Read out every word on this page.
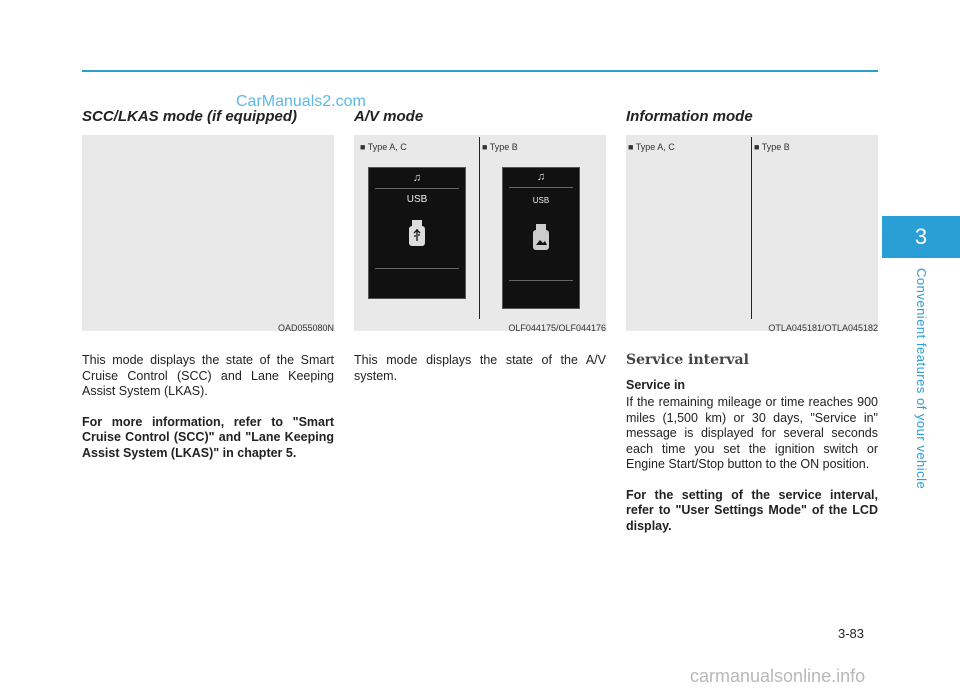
CarManuals2.com
SCC/LKAS mode (if equipped)
OAD055080N

This mode displays the state of the Smart Cruise Control (SCC) and Lane Keeping Assist System (LKAS).

For more information, refer to "Smart Cruise Control (SCC)" and "Lane Keeping Assist System (LKAS)" in chapter 5.

A/V mode
■ Type A, C	■ Type B
♫
USB
♫
USB
OLF044175/OLF044176

This mode displays the state of the A/V system.

Information mode
■ Type A, C	■ Type B
OTLA045181/OTLA045182
Service interval
Service in

If the remaining mileage or time reaches 900 miles (1,500 km) or 30 days, "Service in" message is displayed for several seconds each time you set the ignition switch or Engine Start/Stop button to the ON position.

For the setting of the service interval, refer to "User Settings Mode" of the LCD display.

3
Convenient features of your vehicle
3-83
carmanualsonline.info
